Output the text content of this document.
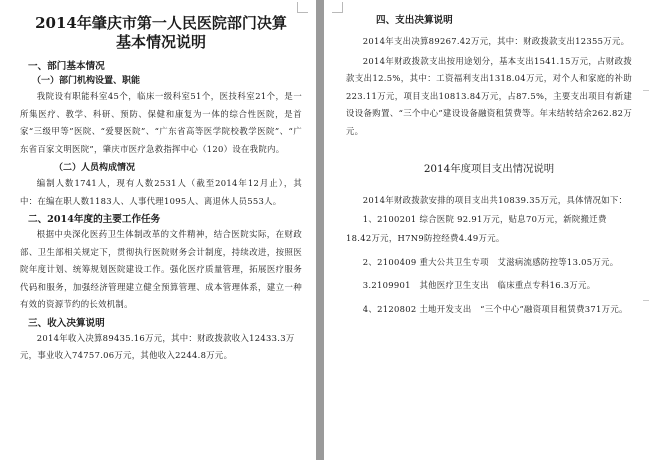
2014年肇庆市第一人民医院部门决算

基本情况说明

一、部门基本情况

（一）部门机构设置、职能

我院设有职能科室45个，临床一级科室51个，医技科室21个，是一所集医疗、教学、科研、预防、保健和康复为一体的综合性医院，是首家“三级甲等”医院、“爱婴医院”、“广东省高等医学院校教学医院”、“广东省百家文明医院”，肇庆市医疗急救指挥中心（120）设在我院内。

（二）人员构成情况

编制人数1741人，现有人数2531人（截至2014年12月止），其中：在编在职人数1183人、人事代理1095人、离退休人员553人。

二、2014年度的主要工作任务

根据中央深化医药卫生体制改革的文件精神，结合医院实际，在财政部、卫生部相关规定下，贯彻执行医院财务会计制度，持续改进，按照医院年度计划、统筹规划医院建设工作。强化医疗质量管理，拓展医疗服务代码和服务，加强经济管理建立健全预算管理、成本管理体系，建立一种有效的资源节约的长效机制。

三、收入决算说明

2014年收入决算89435.16万元，其中：财政拨款收入12433.3万元，事业收入74757.06万元，其他收入2244.8万元。

四、支出决算说明

2014年支出决算89267.42万元，其中：财政拨款支出12355万元。

2014年财政拨款支出按用途划分，基本支出1541.15万元，占财政拨款支出12.5%，其中：工资福利支出1318.04万元，对个人和家庭的补助223.11万元，项目支出10813.84万元，占87.5%，主要支出项目有新建设设备购置、“三个中心”建设设备融资租赁费等。年末结转结余262.82万元。

2014年度项目支出情况说明

2014年财政拨款安排的项目支出共10839.35万元，具体情况如下：

1、2100201 综合医院 92.91万元，贴息70万元，新院搬迁费18.42万元，H7N9防控经费4.49万元。

2、2100409 重大公共卫生专项　艾滋病流感防控等13.05万元。

3.2109901　其他医疗卫生支出　临床重点专科16.3万元。

4、2120802 土地开发支出　“三个中心”融资项目租赁费371万元。
